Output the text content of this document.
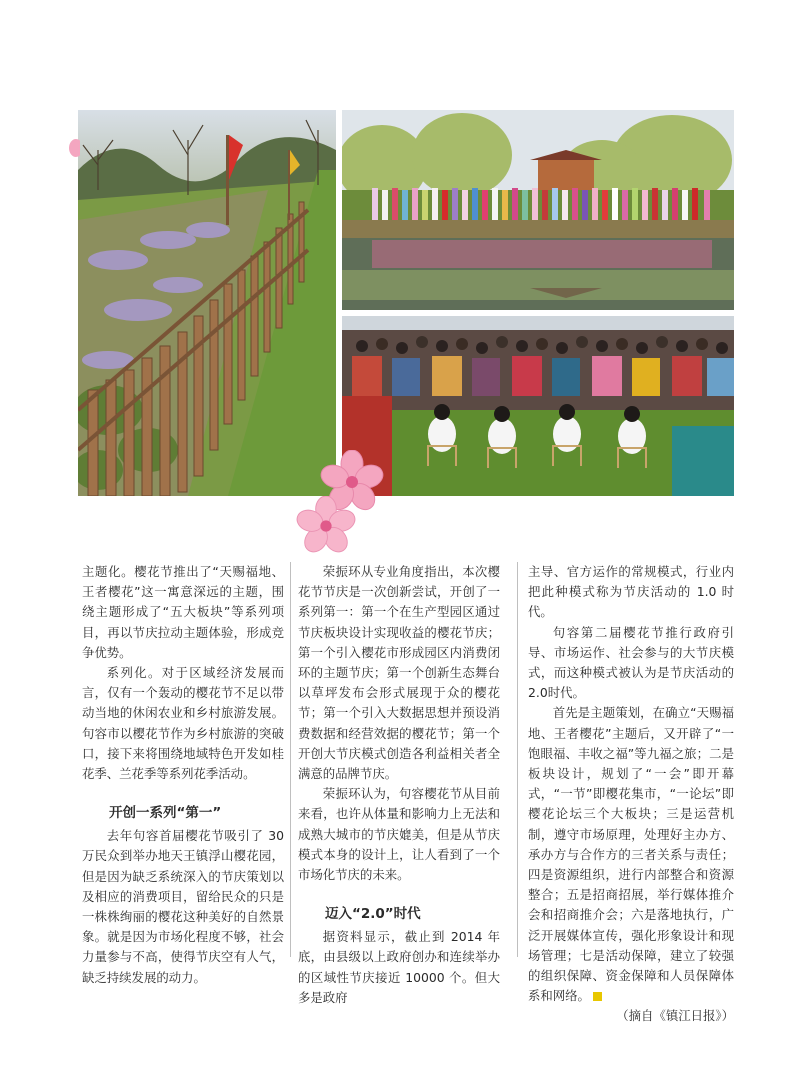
主题化。樱花节推出了“天赐福地、王者樱花”这一寓意深远的主题，围绕主题形成了“五大板块”等系列项目，再以节庆拉动主题体验，形成竞争优势。

系列化。对于区域经济发展而言，仅有一个轰动的樱花节不足以带动当地的休闲农业和乡村旅游发展。句容市以樱花节作为乡村旅游的突破口，接下来将围绕地域特色开发如桂花季、兰花季等系列花季活动。

开创一系列“第一”

去年句容首届樱花节吸引了 30 万民众到举办地天王镇浮山樱花园，但是因为缺乏系统深入的节庆策划以及相应的消费项目，留给民众的只是一株株绚丽的樱花这种美好的自然景象。就是因为市场化程度不够，社会力量参与不高，使得节庆空有人气，缺乏持续发展的动力。

荣振环从专业角度指出，本次樱花节节庆是一次创新尝试，开创了一系列第一：第一个在生产型园区通过节庆板块设计实现收益的樱花节庆；第一个引入樱花市形成园区内消费闭环的主题节庆；第一个创新生态舞台以草坪发布会形式展现于众的樱花节；第一个引入大数据思想并预设消费数据和经营效据的樱花节；第一个开创大节庆模式创造各利益相关者全满意的品牌节庆。

荣振环认为，句容樱花节从目前来看，也许从体量和影响力上无法和成熟大城市的节庆媲美，但是从节庆模式本身的设计上，让人看到了一个市场化节庆的未来。

迈入“2.0”时代

据资料显示，截止到 2014 年底，由县级以上政府创办和连续举办的区域性节庆接近 10000 个。但大多是政府

主导、官方运作的常规模式，行业内把此种模式称为节庆活动的 1.0 时代。

句容第二届樱花节推行政府引导、市场运作、社会参与的大节庆模式，而这种模式被认为是节庆活动的2.0时代。

首先是主题策划，在确立“天赐福地、王者樱花”主题后，又开辟了“一饱眼福、丰收之福”等九福之旅；二是板块设计，规划了“一会”即开幕式，“一节”即樱花集市，“一论坛”即樱花论坛三个大板块；三是运营机制，遵守市场原理，处理好主办方、承办方与合作方的三者关系与责任；四是资源组织，进行内部整合和资源整合；五是招商招展，举行媒体推介会和招商推介会；六是落地执行，广泛开展媒体宣传，强化形象设计和现场管理；七是活动保障，建立了较强的组织保障、资金保障和人员保障体系和网络。

（摘自《镇江日报》）
